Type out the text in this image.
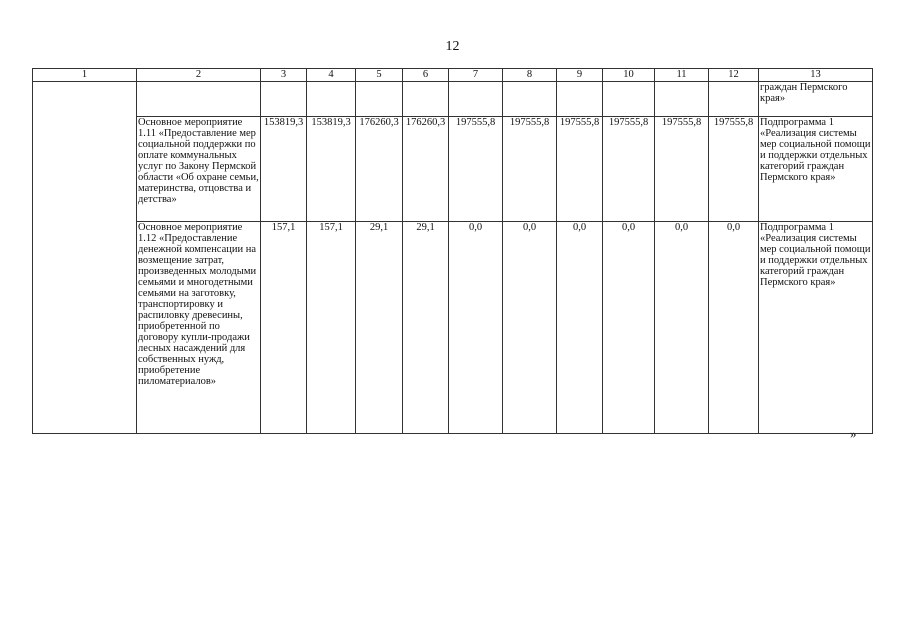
12
1	2	3	4	5	6	7	8	9	10	11	12	13
												граждан Пермского края»
	Основное мероприятие 1.11 «Предоставление мер социальной поддержки по оплате коммунальных услуг по Закону Пермской области «Об охране семьи, материнства, отцовства и детства»	153819,3	153819,3	176260,3	176260,3	197555,8	197555,8	197555,8	197555,8	197555,8	197555,8	Подпрограмма 1 «Реализация системы мер социальной помощи и поддержки отдельных категорий граждан Пермского края»
	Основное мероприятие 1.12 «Предоставление денежной компенсации на возмещение затрат, произведенных молодыми семьями и многодетными семьями на заготовку, транспортировку и распиловку древесины, приобретенной по договору купли-продажи лесных насаждений для собственных нужд, приобретение пиломатериалов»	157,1	157,1	29,1	29,1	0,0	0,0	0,0	0,0	0,0	0,0	Подпрограмма 1 «Реализация системы мер социальной помощи и поддержки отдельных категорий граждан Пермского края»
»
